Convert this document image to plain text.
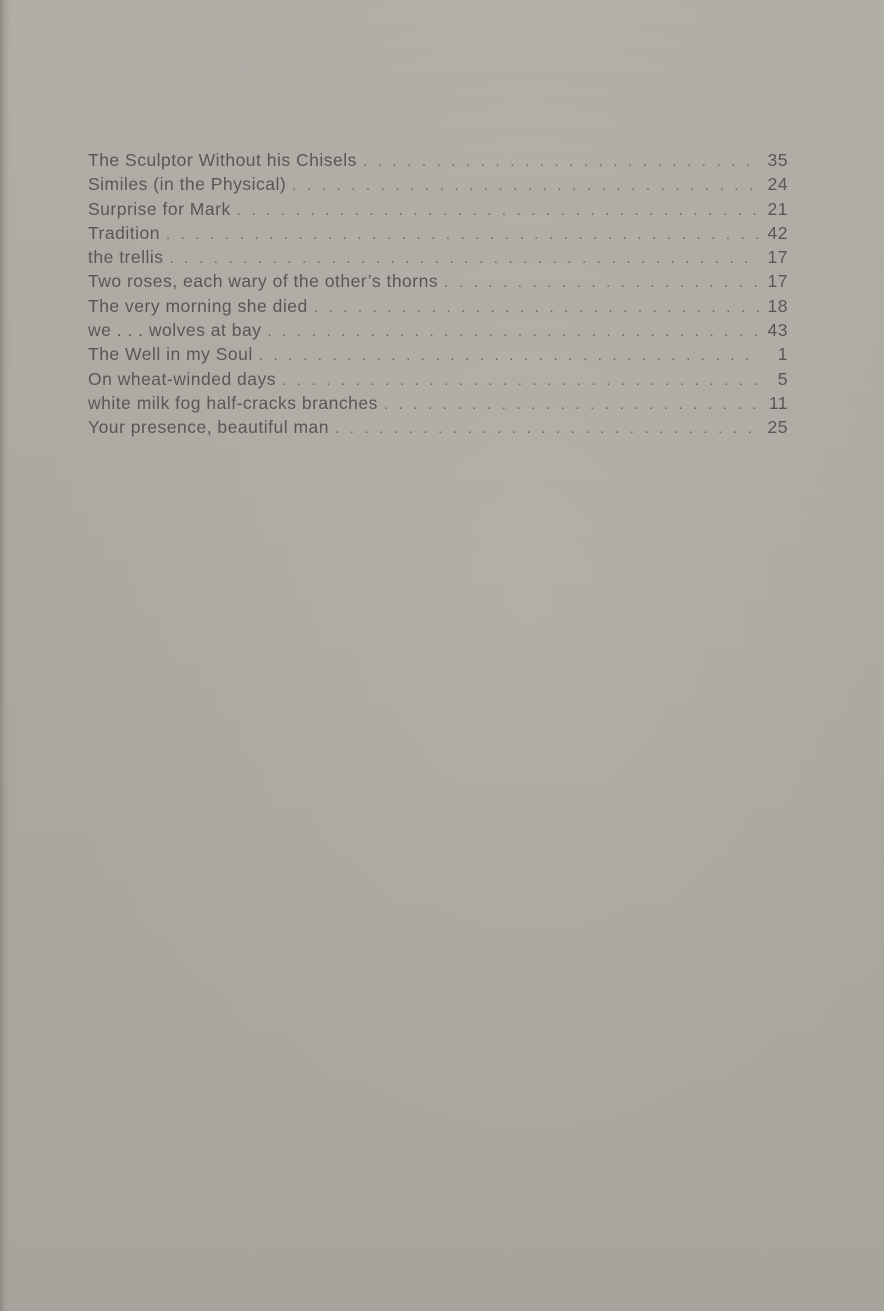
The Sculptor Without his Chisels . . .	35
Similes (in the Physical) . . .	24
Surprise for Mark . . .	21
Tradition . . .	42
the trellis . . .	17
Two roses, each wary of the other’s thorns . . .	17
The very morning she died . . .	18
we . . . wolves at bay . . .	43
The Well in my Soul . . .	1
On wheat-winded days . . .	5
white milk fog half-cracks branches . . .	11
Your presence, beautiful man . . .	25
